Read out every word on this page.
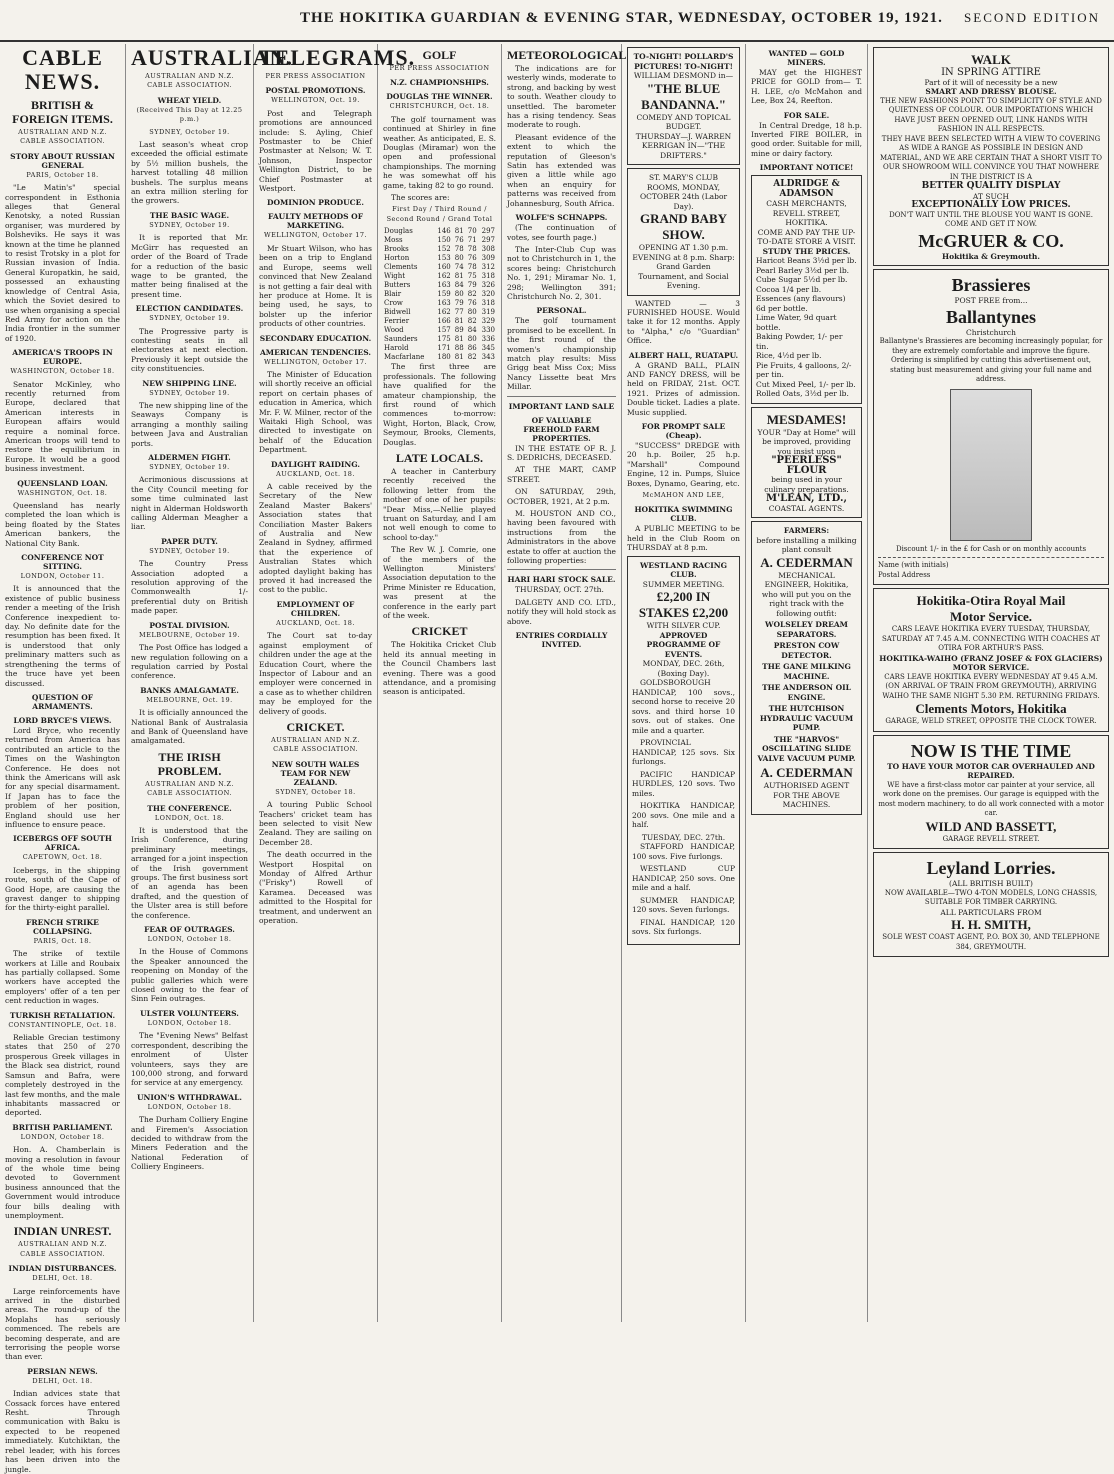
THE HOKITIKA GUARDIAN & EVENING STAR, WEDNESDAY, OCTOBER 19, 1921. SECOND EDITION
CABLE NEWS.
BRITISH & FOREIGN ITEMS.
AUSTRALIAN AND N.Z. CABLE ASSOCIATION.
STORY ABOUT RUSSIAN GENERAL
PARIS, October 18.

"Le Matin's" special correspondent in Esthonia alleges that General Kenotsky, a noted Russian organiser, was murdered by Bolsheviks. He says it was known at the time he planned to resist Trotsky in a plot for Russian invasion of India. General Kuropatkin, he said, possessed an exhausting knowledge of Central Asia, which the Soviet desired to use when organising a special Red Army for action on the India frontier in the summer of 1920.

AMERICA'S TROOPS IN EUROPE.
WASHINGTON, October 18.

Senator McKinley, who recently returned from Europe, declared that American interests in European affairs would require a nominal force. American troops will tend to restore the equilibrium in Europe. It would be a good business investment.

QUEENSLAND LOAN.
WASHINGTON, Oct. 18.

Queensland has nearly completed the loan which is being floated by the States American bankers, the National City Bank.

CONFERENCE NOT SITTING.
LONDON, October 11.

It is announced that the existence of public business render a meeting of the Irish Conference inexpedient to-day. No definite date for the resumption has been fixed. It is understood that only preliminary matters such as strengthening the terms of the truce have yet been discussed.

QUESTION OF ARMAMENTS.
LORD BRYCE'S VIEWS.

Lord Bryce, who recently returned from America has contributed an article to the Times on the Washington Conference. He does not think the Americans will ask for any special disarmament. If Japan has to face the problem of her position, England should use her influence to ensure peace.

ICEBERGS OFF SOUTH AFRICA.
CAPETOWN, Oct. 18.

Icebergs, in the shipping route, south of the Cape of Good Hope, are causing the gravest danger to shipping for the thirty-eight parallel.

FRENCH STRIKE COLLAPSING.
PARIS, Oct. 18.

The strike of textile workers at Lille and Roubaix has partially collapsed. Some workers have accepted the employers' offer of a ten per cent reduction in wages.

TURKISH RETALIATION.
CONSTANTINOPLE, Oct. 18.

Reliable Grecian testimony states that 250 of 270 prosperous Greek villages in the Black sea district, round Samsun and Bafra, were completely destroyed in the last few months, and the male inhabitants massacred or deported.

BRITISH PARLIAMENT.
LONDON, October 18.

Hon. A. Chamberlain is moving a resolution in favour of the whole time being devoted to Government business announced that the Government would introduce four bills dealing with unemployment.

INDIAN UNREST.
AUSTRALIAN AND N.Z. CABLE ASSOCIATION.
INDIAN DISTURBANCES.
DELHI, Oct. 18.

Large reinforcements have arrived in the disturbed areas. The round-up of the Moplahs has seriously commenced. The rebels are becoming desperate, and are terrorising the people worse than ever.

PERSIAN NEWS.
DELHI, Oct. 18.

Indian advices state that Cossack forces have entered Resht. Through communication with Baku is expected to be reopened immediately. Kutchiktan, the rebel leader, with his forces has been driven into the jungle.

AUSTRALIAN.
AUSTRALIAN AND N.Z. CABLE ASSOCIATION.
WHEAT YIELD.
(Received This Day at 12.25 p.m.)
SYDNEY, October 19.

Last season's wheat crop exceeded the official estimate by 5½ million bushels, the harvest totalling 48 million bushels. The surplus means an extra million sterling for the growers.

THE BASIC WAGE.
SYDNEY, October 19.

It is reported that Mr. McGirr has requested an order of the Board of Trade for a reduction of the basic wage to be granted, the matter being finalised at the present time.

ELECTION CANDIDATES.
SYDNEY, October 19.

The Progressive party is contesting seats in all electorates at next election. Previously it kept outside the city constituencies.

NEW SHIPPING LINE.
SYDNEY, October 19.

The new shipping line of the Seaways Company is arranging a monthly sailing between Java and Australian ports.

ALDERMEN FIGHT.
SYDNEY, October 19.

Acrimonious discussions at the City Council meeting for some time culminated last night in Alderman Holdsworth calling Alderman Meagher a liar.

PAPER DUTY.
SYDNEY, October 19.

The Country Press Association adopted a resolution approving of the Commonwealth 1/- preferential duty on British made paper.

POSTAL DIVISION.
MELBOURNE, October 19.

The Post Office has lodged a new regulation following on a regulation carried by Postal conference.

BANKS AMALGAMATE.
MELBOURNE, Oct. 19.

It is officially announced the National Bank of Australasia and Bank of Queensland have amalgamated.

THE IRISH PROBLEM.
AUSTRALIAN AND N.Z. CABLE ASSOCIATION.
THE CONFERENCE.
LONDON, Oct. 18.

It is understood that the Irish Conference, during preliminary meetings, arranged for a joint inspection of the Irish government groups. The first business sort of an agenda has been drafted, and the question of the Ulster area is still before the conference.

FEAR OF OUTRAGES.
LONDON, October 18.

In the House of Commons the Speaker announced the reopening on Monday of the public galleries which were closed owing to the fear of Sinn Fein outrages.

ULSTER VOLUNTEERS.
LONDON, October 18.

The "Evening News" Belfast correspondent, describing the enrolment of Ulster volunteers, says they are 100,000 strong, and forward for service at any emergency.

UNION'S WITHDRAWAL.
LONDON, October 18.

The Durham Colliery Engine and Firemen's Association decided to withdraw from the Miners Federation and the National Federation of Colliery Engineers.

TELEGRAMS.
PER PRESS ASSOCIATION
POSTAL PROMOTIONS.
WELLINGTON, Oct. 19.

Post and Telegraph promotions are announced include: S. Ayling, Chief Postmaster to be Chief Postmaster at Nelson; W. T. Johnson, Inspector Wellington District, to be Chief Postmaster at Westport.

DOMINION PRODUCE.
FAULTY METHODS OF MARKETING.
WELLINGTON, October 17.

Mr Stuart Wilson, who has been on a trip to England and Europe, seems well convinced that New Zealand is not getting a fair deal with her produce at Home. It is being used, he says, to bolster up the inferior products of other countries.

SECONDARY EDUCATION.
AMERICAN TENDENCIES.
WELLINGTON, October 17.

The Minister of Education will shortly receive an official report on certain phases of education in America, which Mr. F. W. Milner, rector of the Waitaki High School, was directed to investigate on behalf of the Education Department.

DAYLIGHT RAIDING.
AUCKLAND, Oct. 18.

A cable received by the Secretary of the New Zealand Master Bakers' Association states that Conciliation Master Bakers of Australia and New Zealand in Sydney, affirmed that the experience of Australian States which adopted daylight baking has proved it had increased the cost to the public.

EMPLOYMENT OF CHILDREN.
AUCKLAND, Oct. 18.

The Court sat to-day against employment of children under the age at the Education Court, where the Inspector of Labour and an employer were concerned in a case as to whether children may be employed for the delivery of goods.

CRICKET.
AUSTRALIAN AND N.Z. CABLE ASSOCIATION.
NEW SOUTH WALES TEAM FOR NEW ZEALAND.
SYDNEY, October 18.

A touring Public School Teachers' cricket team has been selected to visit New Zealand. They are sailing on December 28.

The death occurred in the Westport Hospital on Monday of Alfred Arthur ("Frisky") Rowell of Karamea. Deceased was admitted to the Hospital for treatment, and underwent an operation.

GOLF
PER PRESS ASSOCIATION
N.Z. CHAMPIONSHIPS.
DOUGLAS THE WINNER.
CHRISTCHURCH, Oct. 18.

The golf tournament was continued at Shirley in fine weather. As anticipated, E. S. Douglas (Miramar) won the open and professional championships. The morning he was somewhat off his game, taking 82 to go round.

The scores are:

First Day / Third Round / Second Round / Grand Total
Douglas	146	81	70	297
Moss	150	76	71	297
Brooks	152	78	78	308
Horton	153	80	76	309
Clements	160	74	78	312
Wight	162	81	75	318
Butters	163	84	79	326
Blair	159	80	82	320
Crow	163	79	76	318
Bidwell	162	77	80	319
Ferrier	166	81	82	329
Wood	157	89	84	330
Saunders	175	81	80	336
Harold	171	88	86	345
Macfarlane	180	81	82	343

The first three are professionals. The following have qualified for the amateur championship, the first round of which commences to-morrow: Wight, Horton, Black, Crow, Seymour, Brooks, Clements, Douglas.

LATE LOCALS.

A teacher in Canterbury recently received the following letter from the mother of one of her pupils: "Dear Miss,—Nellie played truant on Saturday, and I am not well enough to come to school to-day."

The Rev W. J. Comrie, one of the members of the Wellington Ministers' Association deputation to the Prime Minister re Education, was present at the conference in the early part of the week.

CRICKET

The Hokitika Cricket Club held its annual meeting in the Council Chambers last evening. There was a good attendance, and a promising season is anticipated.

METEOROLOGICAL

The indications are for westerly winds, moderate to strong, and backing by west to south. Weather cloudy to unsettled. The barometer has a rising tendency. Seas moderate to rough.

Pleasant evidence of the extent to which the reputation of Gleeson's Satin has extended was given a little while ago when an enquiry for patterns was received from Johannesburg, South Africa.

WOLFE'S SCHNAPPS.

(The continuation of votes, see fourth page.)

The Inter-Club Cup was not to Christchurch in 1, the scores being: Christchurch No. 1, 291; Miramar No. 1, 298; Wellington 391; Christchurch No. 2, 301.

PERSONAL.

The golf tournament promised to be excellent. In the first round of the women's championship match play results: Miss Grigg beat Miss Cox; Miss Nancy Lissette beat Mrs Millar.

IMPORTANT LAND SALE
OF VALUABLE FREEHOLD FARM PROPERTIES.

IN THE ESTATE OF R. J. S. DEDRICHS, DECEASED.

AT THE MART, CAMP STREET.

ON SATURDAY, 29th, OCTOBER, 1921, At 2 p.m.

M. HOUSTON AND CO., having been favoured with instructions from the Administrators in the above estate to offer at auction the following properties:

HARI HARI STOCK SALE.

THURSDAY, OCT. 27th.

DALGETY AND CO. LTD., notify they will hold stock as above.

ENTRIES CORDIALLY INVITED.
TO-NIGHT! POLLARD'S PICTURES! TO-NIGHT!
WILLIAM DESMOND in—
"THE BLUE BANDANNA."
COMEDY AND TOPICAL BUDGET.
THURSDAY—J. WARREN KERRIGAN IN—"THE DRIFTERS."
ST. MARY'S CLUB ROOMS, MONDAY, OCTOBER 24th (Labor Day).
GRAND BABY SHOW.
OPENING AT 1.30 p.m. EVENING at 8 p.m. Sharp: Grand Garden Tournament, and Social Evening.

WANTED — 3 FURNISHED HOUSE. Would take it for 12 months. Apply to "Alpha," c/o "Guardian" Office.

ALBERT HALL, RUATAPU.

A GRAND BALL, PLAIN AND FANCY DRESS, will be held on FRIDAY, 21st. OCT. 1921. Prizes of admission. Double ticket. Ladies a plate. Music supplied.

FOR PROMPT SALE (Cheap).

"SUCCESS" DREDGE with 20 h.p. Boiler, 25 h.p. "Marshall" Compound Engine, 12 in. Pumps, Sluice Boxes, Dynamo, Gearing, etc.

McMAHON AND LEE,
HOKITIKA SWIMMING CLUB.

A PUBLIC MEETING to be held in the Club Room on THURSDAY at 8 p.m.

WESTLAND RACING CLUB.
SUMMER MEETING.
£2,200 IN STAKES £2,200
WITH SILVER CUP.
APPROVED PROGRAMME OF EVENTS.
MONDAY, DEC. 26th, (Boxing Day).

GOLDSBOROUGH HANDICAP, 100 sovs., second horse to receive 20 sovs. and third horse 10 sovs. out of stakes. One mile and a quarter.

PROVINCIAL HANDICAP, 125 sovs. Six furlongs.

PACIFIC HANDICAP HURDLES, 120 sovs. Two miles.

HOKITIKA HANDICAP, 200 sovs. One mile and a half.

TUESDAY, DEC. 27th.

STAFFORD HANDICAP, 100 sovs. Five furlongs.

WESTLAND CUP HANDICAP, 250 sovs. One mile and a half.

SUMMER HANDICAP, 120 sovs. Seven furlongs.

FINAL HANDICAP, 120 sovs. Six furlongs.

WANTED — GOLD MINERS.

MAY get the HIGHEST PRICE for GOLD from— T. H. LEE, c/o McMahon and Lee, Box 24, Reefton.

FOR SALE.

In Central Dredge, 18 h.p. Inverted FIRE BOILER, in good order. Suitable for mill, mine or dairy factory.

IMPORTANT NOTICE!
ALDRIDGE & ADAMSON
CASH MERCHANTS,
REVELL STREET, HOKITIKA.
COME AND PAY THE UP-TO-DATE STORE A VISIT.
STUDY THE PRICES.
Haricot Beans 3½d per lb.
Pearl Barley 3½d per lb.
Cube Sugar 5½d per lb.
Cocoa 1/4 per lb.
Essences (any flavours) 6d per bottle.
Lime Water, 9d quart bottle.
Baking Powder, 1/- per tin.
Rice, 4½d per lb.
Pie Fruits, 4 galloons, 2/- per tin.
Cut Mixed Peel, 1/- per lb.
Rolled Oats, 3½d per lb.
MESDAMES!
YOUR "Day at Home" will be improved, providing you insist upon
"PEERLESS" FLOUR
being used in your culinary preparations.
M'LEAN, LTD.,
COASTAL AGENTS.
FARMERS:
before installing a milking plant consult
A. CEDERMAN
MECHANICAL ENGINEER, Hokitika,
who will put you on the right track with the following outfit:
WOLSELEY DREAM SEPARATORS.
PRESTON COW DETECTOR.
THE GANE MILKING MACHINE.
THE ANDERSON OIL ENGINE.
THE HUTCHISON HYDRAULIC VACUUM PUMP.
THE "HARVOS" OSCILLATING SLIDE VALVE VACUUM PUMP.
A. CEDERMAN
AUTHORISED AGENT FOR THE ABOVE MACHINES.
WALK
IN SPRING ATTIRE
Part of it will of necessity be a new
SMART AND DRESSY BLOUSE.
THE NEW FASHIONS POINT TO SIMPLICITY OF STYLE AND QUIETNESS OF COLOUR. OUR IMPORTATIONS WHICH HAVE JUST BEEN OPENED OUT, LINK HANDS WITH FASHION IN ALL RESPECTS.
THEY HAVE BEEN SELECTED WITH A VIEW TO COVERING AS WIDE A RANGE AS POSSIBLE IN DESIGN AND MATERIAL, AND WE ARE CERTAIN THAT A SHORT VISIT TO OUR SHOWROOM WILL CONVINCE YOU THAT NOWHERE IN THE DISTRICT IS A
BETTER QUALITY DISPLAY
AT SUCH
EXCEPTIONALLY LOW PRICES.
DON'T WAIT UNTIL THE BLOUSE YOU WANT IS GONE. COME AND GET IT NOW.
McGRUER & CO.
Hokitika & Greymouth.
Brassieres
POST FREE from...
Ballantynes
Christchurch
Ballantyne's Brassieres are becoming increasingly popular, for they are extremely comfortable and improve the figure. Ordering is simplified by cutting this advertisement out, stating bust measurement and giving your full name and address.
Discount 1/- in the £ for Cash or on monthly accounts
Name (with initials)
Postal Address
Hokitika-Otira Royal Mail
Motor Service.
CARS LEAVE HOKITIKA EVERY TUESDAY, THURSDAY, SATURDAY AT 7.45 A.M. CONNECTING WITH COACHES AT OTIRA FOR ARTHUR'S PASS.
HOKITIKA-WAIHO (FRANZ JOSEF & FOX GLACIERS) MOTOR SERVICE.
CARS LEAVE HOKITIKA EVERY WEDNESDAY AT 9.45 A.M. (ON ARRIVAL OF TRAIN FROM GREYMOUTH), ARRIVING WAIHO THE SAME NIGHT 5.30 P.M. RETURNING FRIDAYS.
Clements Motors, Hokitika
GARAGE, WELD STREET, OPPOSITE THE CLOCK TOWER.
NOW IS THE TIME
TO HAVE YOUR MOTOR CAR OVERHAULED AND REPAIRED.
WE have a first-class motor car painter at your service, all work done on the premises. Our garage is equipped with the most modern machinery, to do all work connected with a motor car.
WILD AND BASSETT,
GARAGE REVELL STREET.
Leyland Lorries.
(ALL BRITISH BUILT)
NOW AVAILABLE—TWO 4-TON MODELS, LONG CHASSIS, SUITABLE FOR TIMBER CARRYING.
ALL PARTICULARS FROM
H. H. SMITH,
SOLE WEST COAST AGENT, P.O. BOX 30, AND TELEPHONE 384, GREYMOUTH.
